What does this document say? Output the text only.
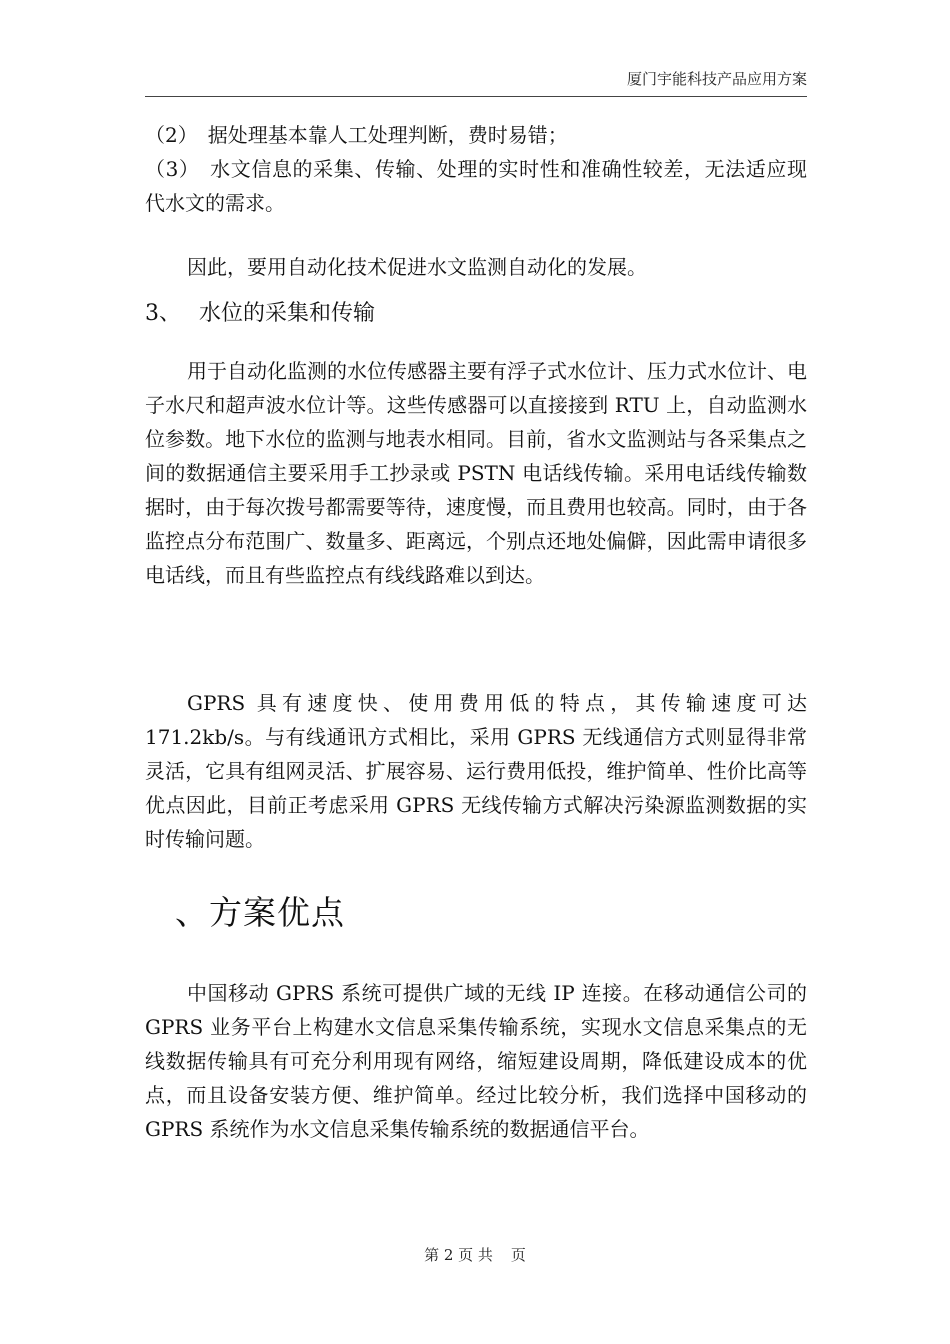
厦门宇能科技产品应用方案
（2） 据处理基本靠人工处理判断，费时易错；
（3） 水文信息的采集、传输、处理的实时性和准确性较差，无法适应现代水文的需求。
因此，要用自动化技术促进水文监测自动化的发展。
3、 水位的采集和传输
用于自动化监测的水位传感器主要有浮子式水位计、压力式水位计、电子水尺和超声波水位计等。这些传感器可以直接接到 RTU 上，自动监测水位参数。地下水位的监测与地表水相同。目前，省水文监测站与各采集点之间的数据通信主要采用手工抄录或 PSTN 电话线传输。采用电话线传输数据时，由于每次拨号都需要等待，速度慢，而且费用也较高。同时，由于各监控点分布范围广、数量多、距离远，个别点还地处偏僻，因此需申请很多电话线，而且有些监控点有线线路难以到达。
GPRS 具有速度快、使用费用低的特点，其传输速度可达171.2kb/s。与有线通讯方式相比，采用 GPRS 无线通信方式则显得非常灵活，它具有组网灵活、扩展容易、运行费用低投，维护简单、性价比高等优点因此，目前正考虑采用 GPRS 无线传输方式解决污染源监测数据的实时传输问题。
、方案优点
中国移动 GPRS 系统可提供广域的无线 IP 连接。在移动通信公司的 GPRS 业务平台上构建水文信息采集传输系统，实现水文信息采集点的无线数据传输具有可充分利用现有网络，缩短建设周期，降低建设成本的优点，而且设备安装方便、维护简单。经过比较分析，我们选择中国移动的 GPRS 系统作为水文信息采集传输系统的数据通信平台。
第 2 页 共 页
